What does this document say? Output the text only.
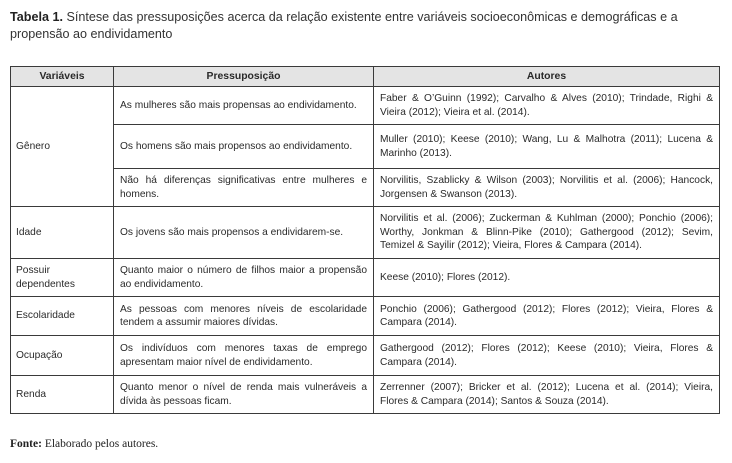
Tabela 1. Síntese das pressuposições acerca da relação existente entre variáveis socioeconômicas e demográficas e a propensão ao endividamento
Variáveis	Pressuposição	Autores
Gênero	As mulheres são mais propensas ao endividamento.	Faber & O’Guinn (1992); Carvalho & Alves (2010); Trindade, Righi & Vieira (2012); Vieira et al. (2014).
	Os homens são mais propensos ao endividamento.	Muller (2010); Keese (2010); Wang, Lu & Malhotra (2011); Lucena & Marinho (2013).
	Não há diferenças significativas entre mulheres e homens.	Norvilitis, Szablicky & Wilson (2003); Norvilitis et al. (2006); Hancock, Jorgensen & Swanson (2013).
Idade	Os jovens são mais propensos a endividarem-se.	Norvilitis et al. (2006); Zuckerman & Kuhlman (2000); Ponchio (2006); Worthy, Jonkman & Blinn-Pike (2010); Gathergood (2012); Sevim, Temizel & Sayilir (2012); Vieira, Flores & Campara (2014).
Possuir dependentes	Quanto maior o número de filhos maior a propensão ao endividamento.	Keese (2010); Flores (2012).
Escolaridade	As pessoas com menores níveis de escolaridade tendem a assumir maiores dívidas.	Ponchio (2006); Gathergood (2012); Flores (2012); Vieira, Flores & Campara (2014).
Ocupação	Os indivíduos com menores taxas de emprego apresentam maior nível de endividamento.	Gathergood (2012); Flores (2012); Keese (2010); Vieira, Flores & Campara (2014).
Renda	Quanto menor o nível de renda mais vulneráveis a dívida às pessoas ficam.	Zerrenner (2007); Bricker et al. (2012); Lucena et al. (2014); Vieira, Flores & Campara (2014); Santos & Souza (2014).
Fonte: Elaborado pelos autores.
